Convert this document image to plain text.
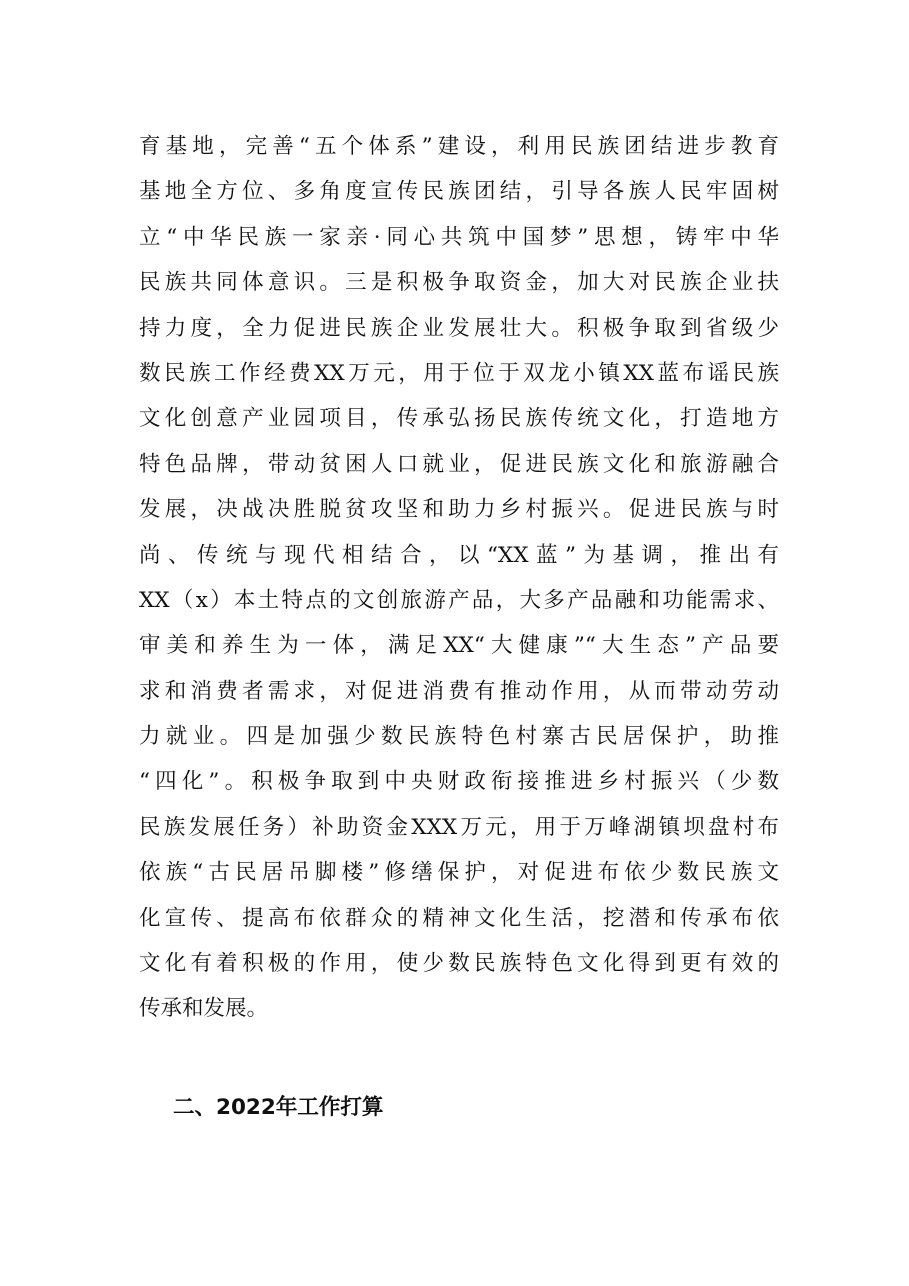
育基地，完善“五个体系”建设，利用民族团结进步教育
基地全方位、多角度宣传民族团结，引导各族人民牢固树
立“中华民族一家亲·同心共筑中国梦”思想，铸牢中华
民族共同体意识。三是积极争取资金，加大对民族企业扶
持力度，全力促进民族企业发展壮大。积极争取到省级少
数民族工作经费XX万元，用于位于双龙小镇XX蓝布谣民族
文化创意产业园项目，传承弘扬民族传统文化，打造地方
特色品牌，带动贫困人口就业，促进民族文化和旅游融合
发展，决战决胜脱贫攻坚和助力乡村振兴。促进民族与时
尚、传统与现代相结合，以“XX蓝”为基调，推出有
XX（x）本土特点的文创旅游产品，大多产品融和功能需求、
审美和养生为一体，满足XX“大健康”“大生态”产品要
求和消费者需求，对促进消费有推动作用，从而带动劳动
力就业。四是加强少数民族特色村寨古民居保护，助推
“四化”。积极争取到中央财政衔接推进乡村振兴（少数
民族发展任务）补助资金XXX万元，用于万峰湖镇坝盘村布
依族“古民居吊脚楼”修缮保护，对促进布依少数民族文
化宣传、提高布依群众的精神文化生活，挖潜和传承布依
文化有着积极的作用，使少数民族特色文化得到更有效的
传承和发展。
二、2022年工作打算
